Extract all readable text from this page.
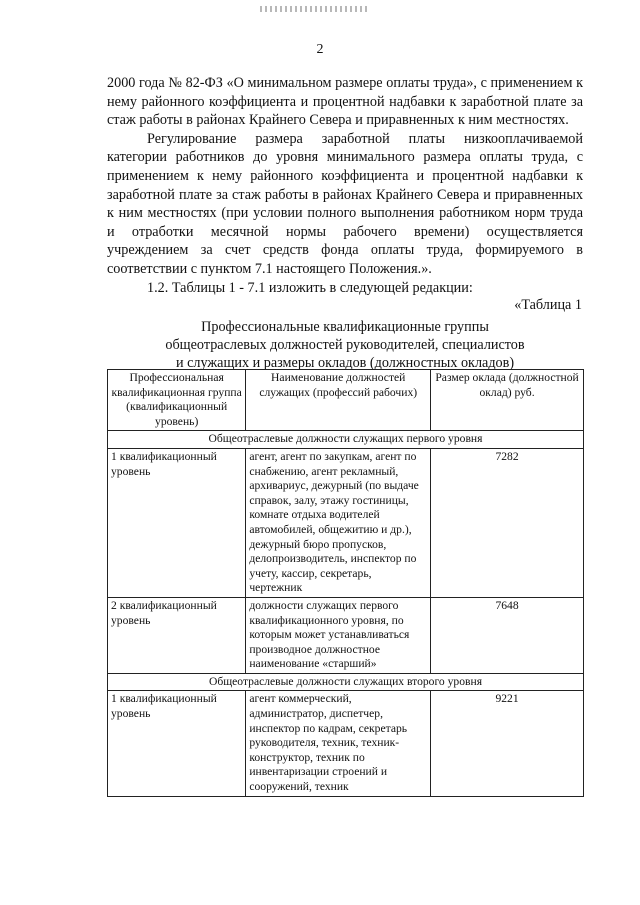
2

2000 года № 82-ФЗ «О минимальном размере оплаты труда», с применением к нему районного коэффициента и процентной надбавки к заработной плате за стаж работы в районах Крайнего Севера и приравненных к ним местностях.

Регулирование размера заработной платы низкооплачиваемой категории работников до уровня минимального размера оплаты труда, с применением к нему районного коэффициента и процентной надбавки к заработной плате за стаж работы в районах Крайнего Севера и приравненных к ним местностях (при условии полного выполнения работником норм труда и отработки месячной нормы рабочего времени) осуществляется учреждением за счет средств фонда оплаты труда, формируемого в соответствии с пунктом 7.1 настоящего Положения.».

1.2. Таблицы 1 - 7.1 изложить в следующей редакции:

«Таблица 1
Профессиональные квалификационные группы
общеотраслевых должностей руководителей, специалистов
и служащих и размеры окладов (должностных окладов)
Профессиональная квалификационная группа (квалификационный уровень)	Наименование должностей служащих (профессий рабочих)	Размер оклада (должностной оклад) руб.
Общеотраслевые должности служащих первого уровня		
1 квалификационный уровень	агент, агент по закупкам, агент по снабжению, агент рекламный, архивариус, дежурный (по выдаче справок, залу, этажу гостиницы, комнате отдыха водителей автомобилей, общежитию и др.), дежурный бюро пропусков, делопроизводитель, инспектор по учету, кассир, секретарь, чертежник	7282
2 квалификационный уровень	должности служащих первого квалификационного уровня, по которым может устанавливаться производное должностное наименование «старший»	7648
Общеотраслевые должности служащих второго уровня		
1 квалификационный уровень	агент коммерческий, администратор, диспетчер, инспектор по кадрам, секретарь руководителя, техник, техник-конструктор, техник по инвентаризации строений и сооружений, техник	9221
